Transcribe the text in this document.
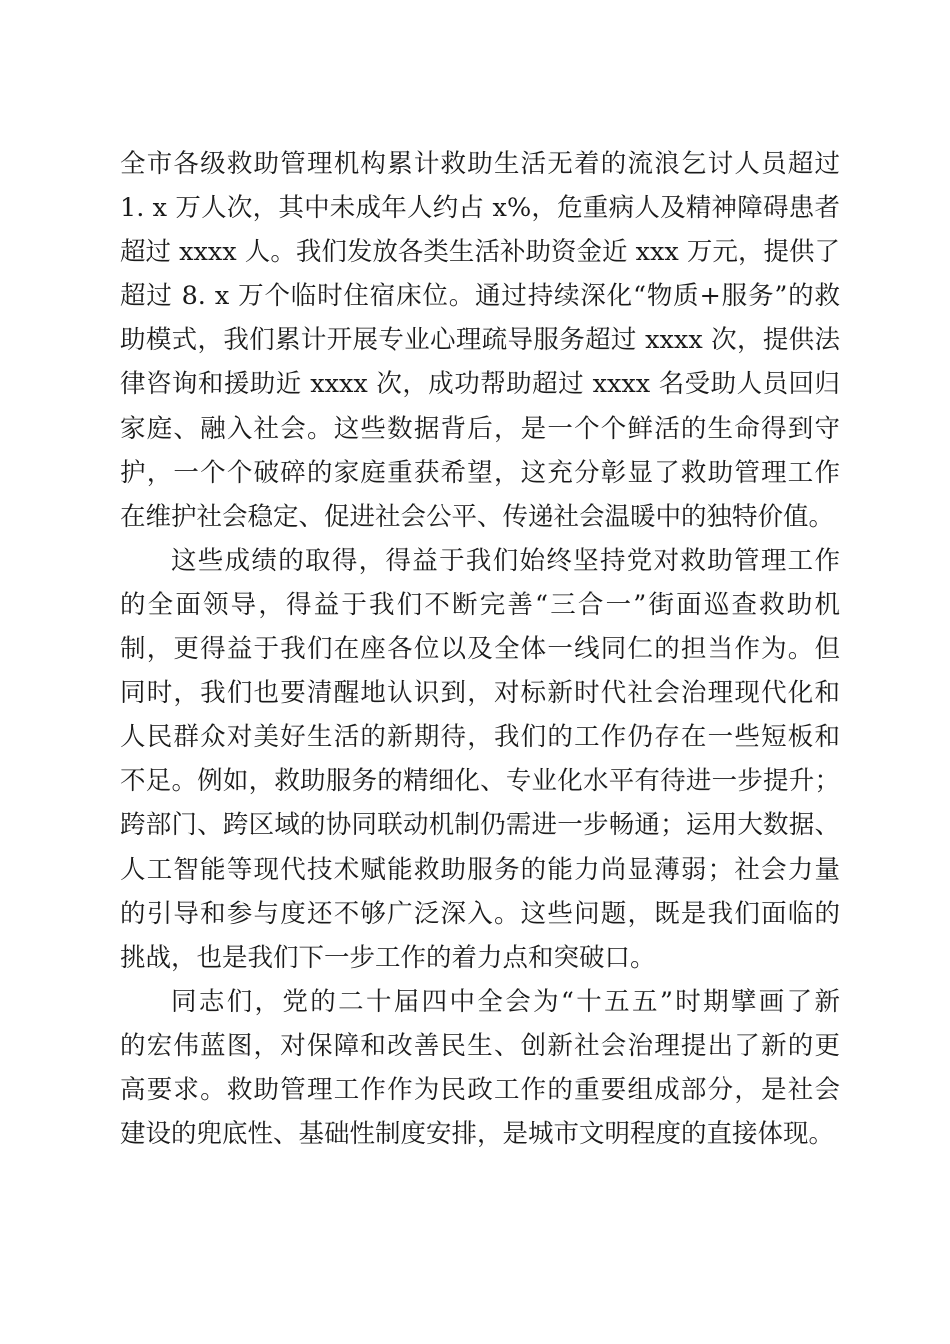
全市各级救助管理机构累计救助生活无着的流浪乞讨人员超过
1. x 万人次，其中未成年人约占 x%，危重病人及精神障碍患者
超过 xxxx 人。我们发放各类生活补助资金近 xxx 万元，提供了
超过 8. x 万个临时住宿床位。通过持续深化“物质+服务”的救
助模式，我们累计开展专业心理疏导服务超过 xxxx 次，提供法
律咨询和援助近 xxxx 次，成功帮助超过 xxxx 名受助人员回归
家庭、融入社会。这些数据背后，是一个个鲜活的生命得到守
护，一个个破碎的家庭重获希望，这充分彰显了救助管理工作
在维护社会稳定、促进社会公平、传递社会温暖中的独特价值。
这些成绩的取得，得益于我们始终坚持党对救助管理工作
的全面领导，得益于我们不断完善“三合一”街面巡查救助机
制，更得益于我们在座各位以及全体一线同仁的担当作为。但
同时，我们也要清醒地认识到，对标新时代社会治理现代化和
人民群众对美好生活的新期待，我们的工作仍存在一些短板和
不足。例如，救助服务的精细化、专业化水平有待进一步提升；
跨部门、跨区域的协同联动机制仍需进一步畅通；运用大数据、
人工智能等现代技术赋能救助服务的能力尚显薄弱；社会力量
的引导和参与度还不够广泛深入。这些问题，既是我们面临的
挑战，也是我们下一步工作的着力点和突破口。
同志们，党的二十届四中全会为“十五五”时期擘画了新
的宏伟蓝图，对保障和改善民生、创新社会治理提出了新的更
高要求。救助管理工作作为民政工作的重要组成部分，是社会
建设的兜底性、基础性制度安排，是城市文明程度的直接体现。
